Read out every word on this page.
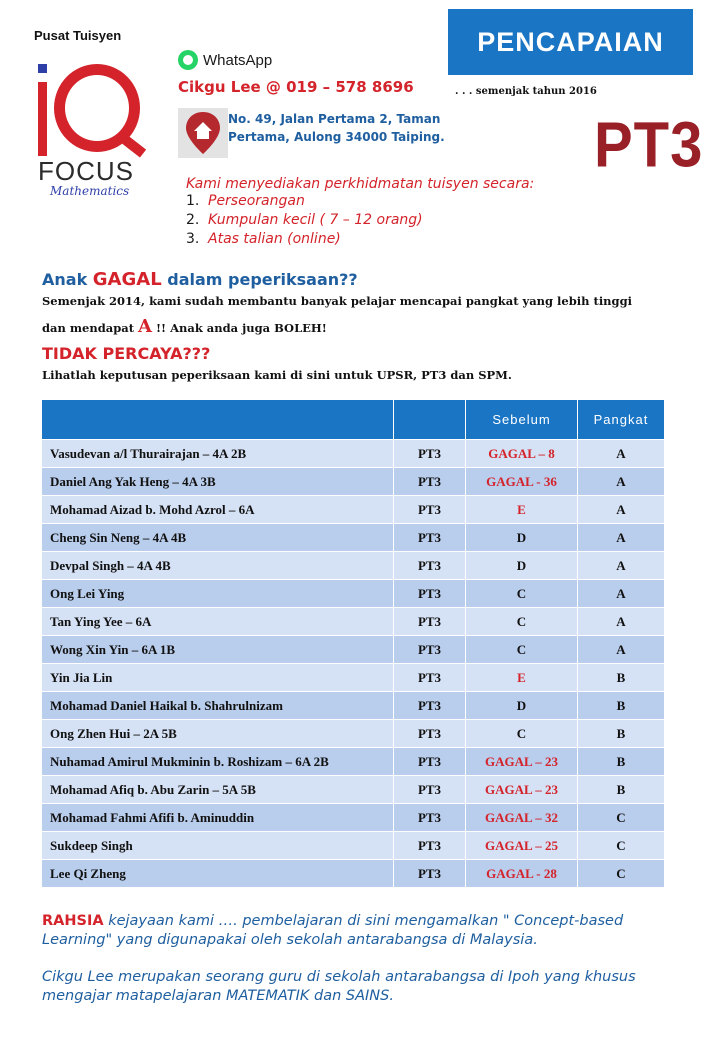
Pusat Tuisyen
FOCUS
Mathematics
WhatsApp
Cikgu Lee @ 019 – 578 8696
No. 49, Jalan Pertama 2, Taman
Pertama, Aulong 34000 Taiping.
PENCAPAIAN
. . . semenjak tahun 2016
PT3
Kami menyediakan perkhidmatan tuisyen secara:
1. Perseorangan
2. Kumpulan kecil ( 7 – 12 orang)
3. Atas talian (online)
Anak GAGAL dalam peperiksaan??
Semenjak 2014, kami sudah membantu banyak pelajar mencapai pangkat yang lebih tinggi
dan mendapat A !! Anak anda juga BOLEH!
TIDAK PERCAYA???
Lihatlah keputusan peperiksaan kami di sini untuk UPSR, PT3 dan SPM.
		Sebelum	Pangkat
Vasudevan a/l Thurairajan – 4A 2B	PT3	GAGAL – 8	A
Daniel Ang Yak Heng – 4A 3B	PT3	GAGAL - 36	A
Mohamad Aizad b. Mohd Azrol – 6A	PT3	E	A
Cheng Sin Neng – 4A 4B	PT3	D	A
Devpal Singh – 4A 4B	PT3	D	A
Ong Lei Ying	PT3	C	A
Tan Ying Yee – 6A	PT3	C	A
Wong Xin Yin – 6A 1B	PT3	C	A
Yin Jia Lin	PT3	E	B
Mohamad Daniel Haikal b. Shahrulnizam	PT3	D	B
Ong Zhen Hui – 2A 5B	PT3	C	B
Nuhamad Amirul Mukminin b. Roshizam – 6A 2B	PT3	GAGAL – 23	B
Mohamad Afiq b. Abu Zarin – 5A 5B	PT3	GAGAL – 23	B
Mohamad Fahmi Afifi b. Aminuddin	PT3	GAGAL – 32	C
Sukdeep Singh	PT3	GAGAL – 25	C
Lee Qi Zheng	PT3	GAGAL - 28	C
RAHSIA kejayaan kami …. pembelajaran di sini mengamalkan " Concept-based Learning" yang digunapakai oleh sekolah antarabangsa di Malaysia.
Cikgu Lee merupakan seorang guru di sekolah antarabangsa di Ipoh yang khusus mengajar matapelajaran MATEMATIK dan SAINS.
